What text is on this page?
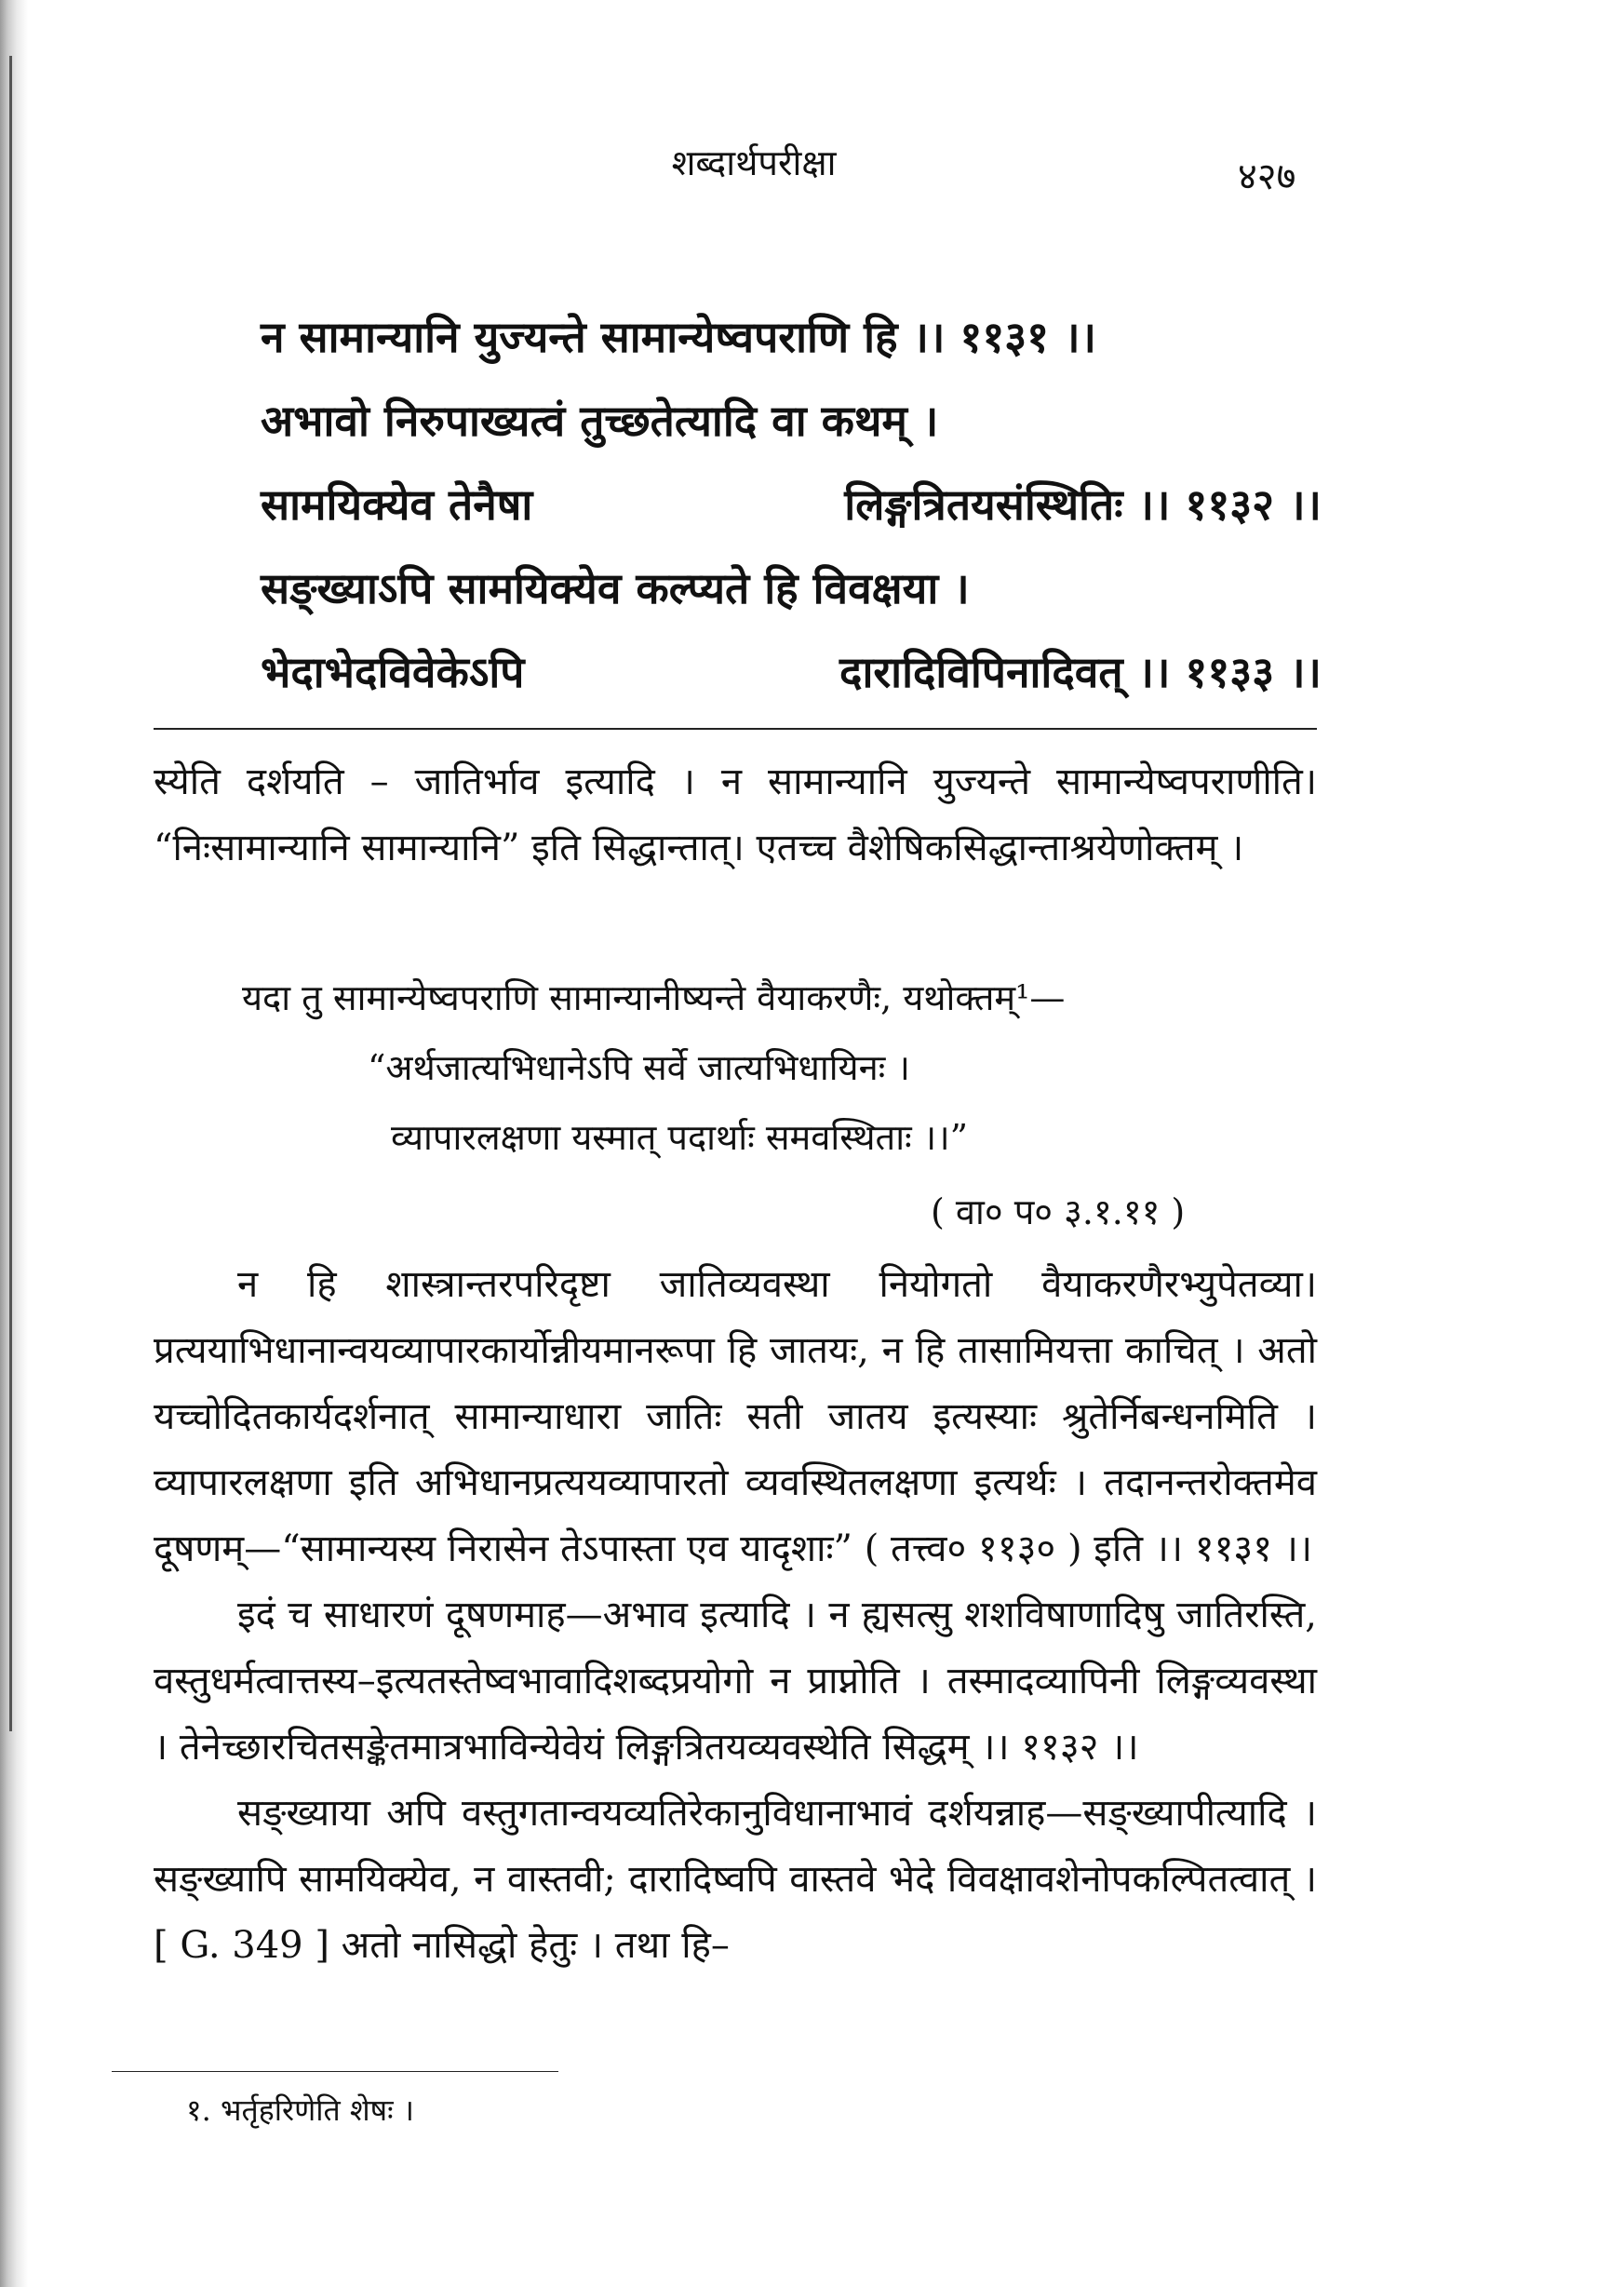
शब्दार्थपरीक्षा	४२७
न सामान्यानि युज्यन्ते सामान्येष्वपराणि हि ।। ११३१ ।।
अभावो निरुपाख्यत्वं तुच्छतेत्यादि वा कथम् ।
सामयिक्येव तेनैषा	लिङ्गत्रितयसंस्थितिः ।। ११३२ ।।
सङ्ख्याऽपि सामयिक्येव कल्प्यते हि विवक्षया ।
भेदाभेदविवेकेऽपि	दारादिविपिनादिवत् ।। ११३३ ।।

स्येति दर्शयति – जातिर्भाव इत्यादि । न सामान्यानि युज्यन्ते सामान्येष्वपराणीति। “निःसामान्यानि सामान्यानि” इति सिद्धान्तात्। एतच्च वैशेषिकसिद्धान्ताश्रयेणोक्तम् ।

यदा तु सामान्येष्वपराणि सामान्यानीष्यन्ते वैयाकरणैः, यथोक्तम्¹—
“अर्थजात्यभिधानेऽपि सर्वे जात्यभिधायिनः ।
व्यापारलक्षणा यस्मात् पदार्थाः समवस्थिताः ।।”
( वा० प० ३.१.११ )

न हि शास्त्रान्तरपरिदृष्टा जातिव्यवस्था नियोगतो वैयाकरणैरभ्युपेतव्या। प्रत्ययाभिधानान्वयव्यापारकार्योन्नीयमानरूपा हि जातयः, न हि तासामियत्ता काचित् । अतो यच्चोदितकार्यदर्शनात् सामान्याधारा जातिः सती जातय इत्यस्याः श्रुतेर्निबन्धनमिति । व्यापारलक्षणा इति अभिधानप्रत्ययव्यापारतो व्यवस्थितलक्षणा इत्यर्थः । तदानन्तरोक्तमेव दूषणम्—“सामान्यस्य निरासेन तेऽपास्ता एव यादृशाः” ( तत्त्व० ११३० ) इति ।। ११३१ ।।

इदं च साधारणं दूषणमाह—अभाव इत्यादि । न ह्यसत्सु शशविषाणादिषु जातिरस्ति, वस्तुधर्मत्वात्तस्य–इत्यतस्तेष्वभावादिशब्दप्रयोगो न प्राप्नोति । तस्मादव्यापिनी लिङ्गव्यवस्था । तेनेच्छारचितसङ्केतमात्रभाविन्येवेयं लिङ्गत्रितयव्यवस्थेति सिद्धम् ।। ११३२ ।।

सङ्ख्याया अपि वस्तुगतान्वयव्यतिरेकानुविधानाभावं दर्शयन्नाह—सङ्ख्यापीत्यादि । सङ्ख्यापि सामयिक्येव, न वास्तवी; दारादिष्वपि वास्तवे भेदे विवक्षावशेनोपकल्पितत्वात् । [ G. 349 ] अतो नासिद्धो हेतुः । तथा हि–

१. भर्तृहरिणेति शेषः ।
